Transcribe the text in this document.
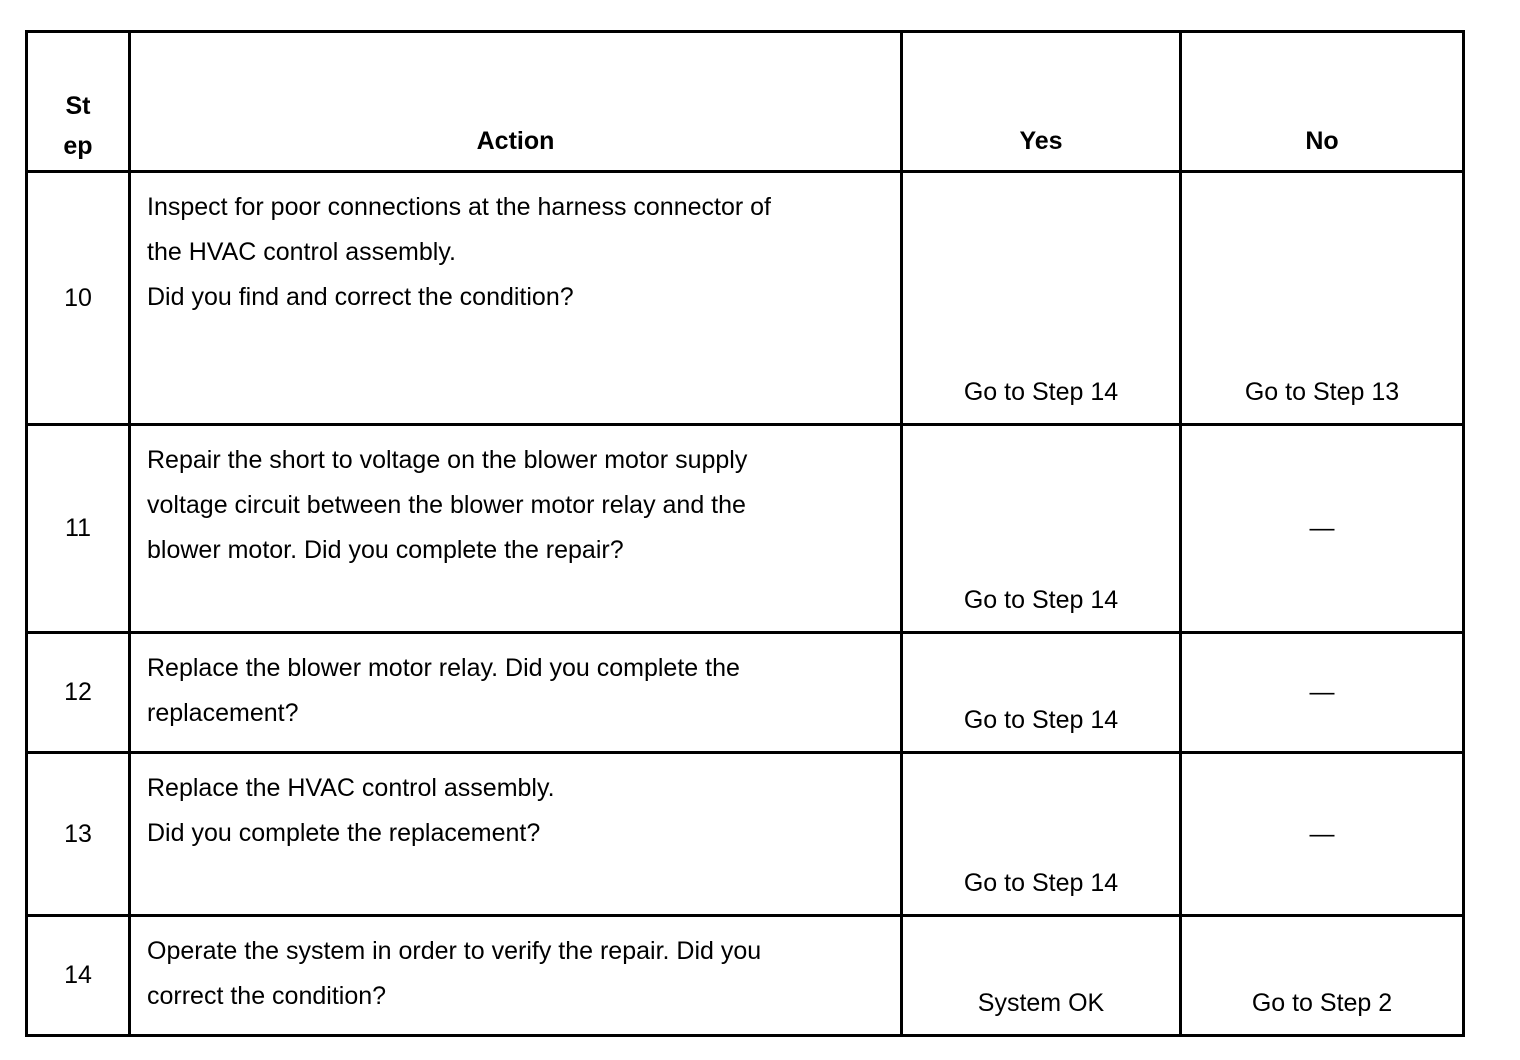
Step	Action	Yes	No
10	Inspect for poor connections at the harness connector of
the HVAC control assembly.
Did you find and correct the condition?	Go to Step 14	Go to Step 13
11	Repair the short to voltage on the blower motor supply
voltage circuit between the blower motor relay and the
blower motor. Did you complete the repair?	Go to Step 14	—
12	Replace the blower motor relay. Did you complete the
replacement?	Go to Step 14	—
13	Replace the HVAC control assembly.
Did you complete the replacement?	Go to Step 14	—
14	Operate the system in order to verify the repair. Did you
correct the condition?	System OK	Go to Step 2
